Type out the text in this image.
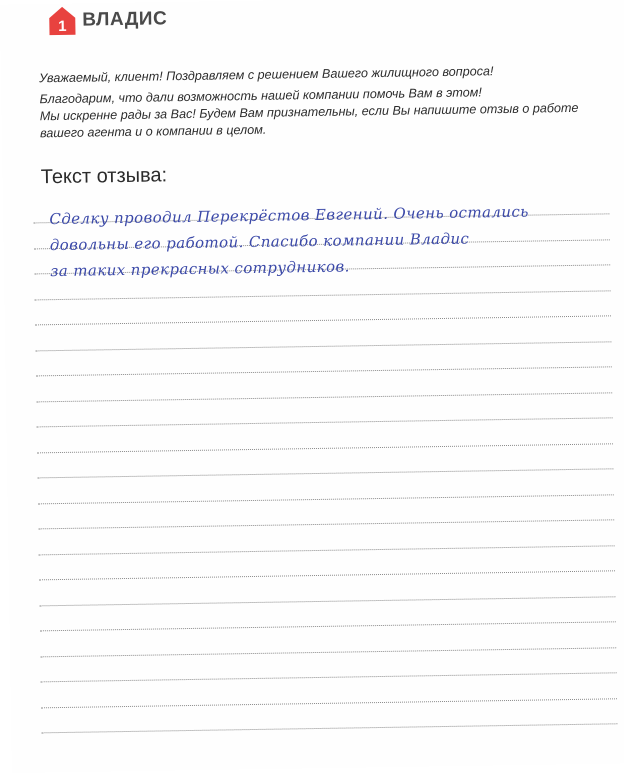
1 ВЛАДИС

Уважаемый, клиент! Поздравляем с решением Вашего жилищного вопроса!

Благодарим, что дали возможность нашей компании помочь Вам в этом!
Мы искренне рады за Вас! Будем Вам признательны, если Вы напишите отзыв о работе
вашего агента и о компании в целом.

Текст отзыва:
Сделку проводил Перекрёстов Евгений. Очень остались
довольны его работой. Спасибо компании Владис
за таких прекрасных сотрудников.
